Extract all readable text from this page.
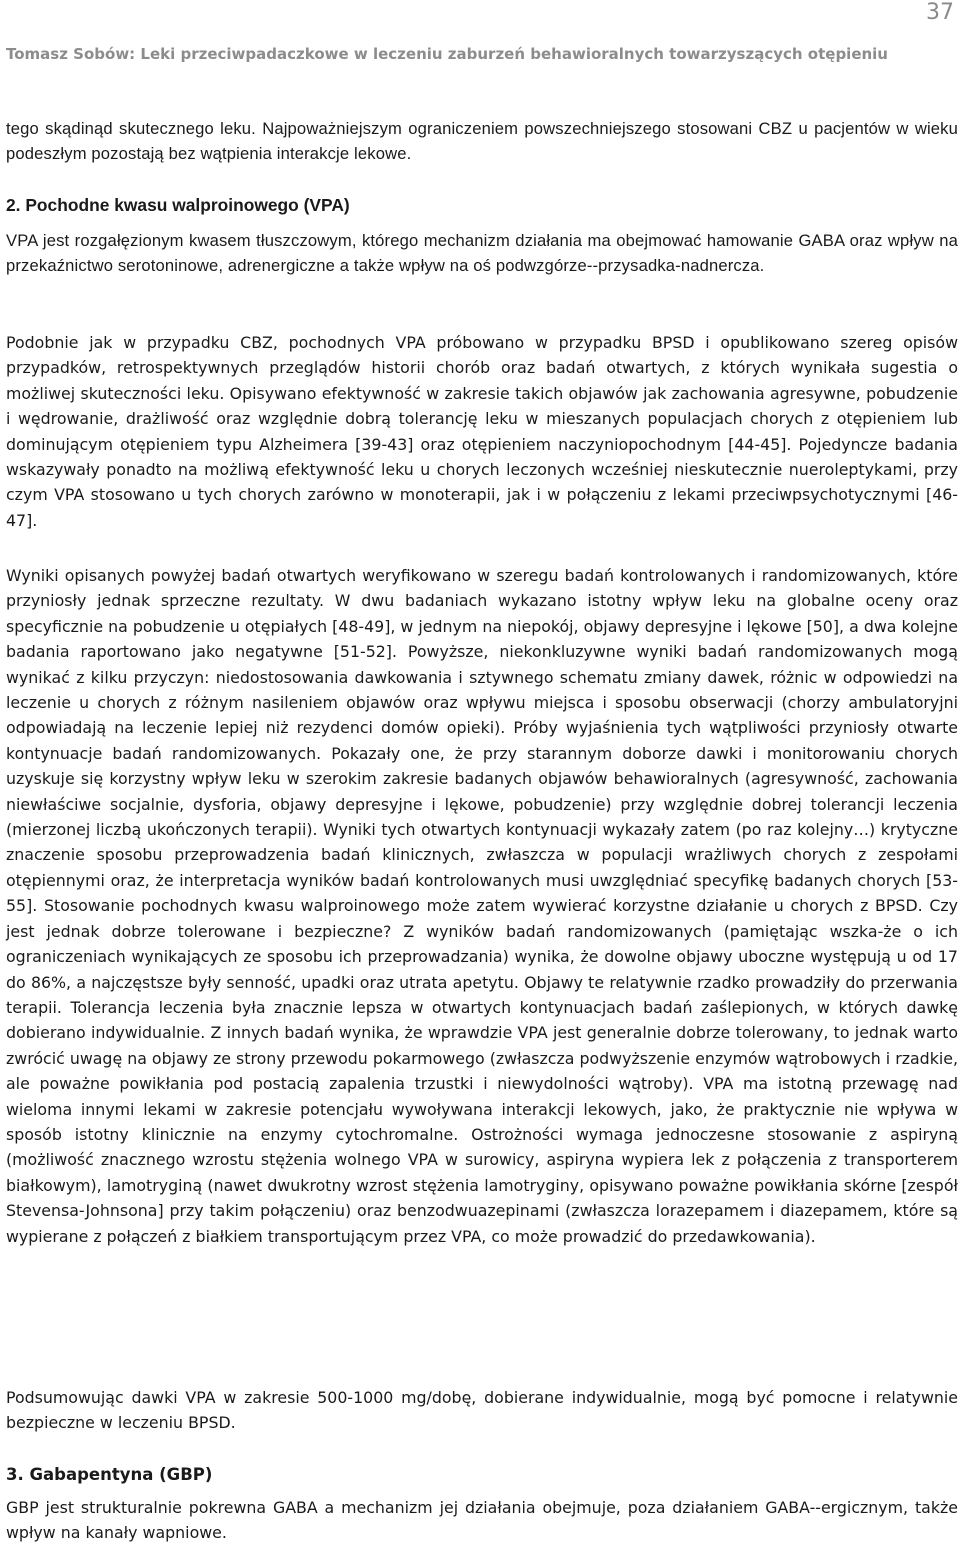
37
Tomasz Sobów: Leki przeciwpadaczkowe w leczeniu zaburzeń behawioralnych towarzyszących otępieniu

tego skądinąd skutecznego leku. Najpoważniejszym ograniczeniem powszechniejszego stosowani CBZ u pacjentów w wieku podeszłym pozostają bez wątpienia interakcje lekowe.

2. Pochodne kwasu walproinowego (VPA)

VPA jest rozgałęzionym kwasem tłuszczowym, którego mechanizm działania ma obejmować hamowanie GABA oraz wpływ na przekaźnictwo serotoninowe, adrenergiczne a także wpływ na oś podwzgórze--przysadka-nadnercza.

Podobnie jak w przypadku CBZ, pochodnych VPA próbowano w przypadku BPSD i opublikowano szereg opisów przypadków, retrospektywnych przeglądów historii chorób oraz badań otwartych, z których wynikała sugestia o możliwej skuteczności leku. Opisywano efektywność w zakresie takich objawów jak zachowania agresywne, pobudzenie i wędrowanie, drażliwość oraz względnie dobrą tolerancję leku w mieszanych populacjach chorych z otępieniem lub dominującym otępieniem typu Alzheimera [39-43] oraz otępieniem naczyniopochodnym [44-45]. Pojedyncze badania wskazywały ponadto na możliwą efektywność leku u chorych leczonych wcześniej nieskutecznie nueroleptykami, przy czym VPA stosowano u tych chorych zarówno w monoterapii, jak i w połączeniu z lekami przeciwpsychotycznymi [46-47].

Wyniki opisanych powyżej badań otwartych weryfikowano w szeregu badań kontrolowanych i randomizowanych, które przyniosły jednak sprzeczne rezultaty. W dwu badaniach wykazano istotny wpływ leku na globalne oceny oraz specyficznie na pobudzenie u otępiałych [48-49], w jednym na niepokój, objawy depresyjne i lękowe [50], a dwa kolejne badania raportowano jako negatywne [51-52]. Powyższe, niekonkluzywne wyniki badań randomizowanych mogą wynikać z kilku przyczyn: niedostosowania dawkowania i sztywnego schematu zmiany dawek, różnic w odpowiedzi na leczenie u chorych z różnym nasileniem objawów oraz wpływu miejsca i sposobu obserwacji (chorzy ambulatoryjni odpowiadają na leczenie lepiej niż rezydenci domów opieki). Próby wyjaśnienia tych wątpliwości przyniosły otwarte kontynuacje badań randomizowanych. Pokazały one, że przy starannym doborze dawki i monitorowaniu chorych uzyskuje się korzystny wpływ leku w szerokim zakresie badanych objawów behawioralnych (agresywność, zachowania niewłaściwe socjalnie, dysforia, objawy depresyjne i lękowe, pobudzenie) przy względnie dobrej tolerancji leczenia (mierzonej liczbą ukończonych terapii). Wyniki tych otwartych kontynuacji wykazały zatem (po raz kolejny…) krytyczne znaczenie sposobu przeprowadzenia badań klinicznych, zwłaszcza w populacji wrażliwych chorych z zespołami otępiennymi oraz, że interpretacja wyników badań kontrolowanych musi uwzględniać specyfikę badanych chorych [53-55]. Stosowanie pochodnych kwasu walproinowego może zatem wywierać korzystne działanie u chorych z BPSD. Czy jest jednak dobrze tolerowane i bezpieczne? Z wyników badań randomizowanych (pamiętając wszka-że o ich ograniczeniach wynikających ze sposobu ich przeprowadzania) wynika, że dowolne objawy uboczne występują u od 17 do 86%, a najczęstsze były senność, upadki oraz utrata apetytu. Objawy te relatywnie rzadko prowadziły do przerwania terapii. Tolerancja leczenia była znacznie lepsza w otwartych kontynuacjach badań zaślepionych, w których dawkę dobierano indywidualnie. Z innych badań wynika, że wprawdzie VPA jest generalnie dobrze tolerowany, to jednak warto zwrócić uwagę na objawy ze strony przewodu pokarmowego (zwłaszcza podwyższenie enzymów wątrobowych i rzadkie, ale poważne powikłania pod postacią zapalenia trzustki i niewydolności wątroby). VPA ma istotną przewagę nad wieloma innymi lekami w zakresie potencjału wywoływana interakcji lekowych, jako, że praktycznie nie wpływa w sposób istotny klinicznie na enzymy cytochromalne. Ostrożności wymaga jednoczesne stosowanie z aspiryną (możliwość znacznego wzrostu stężenia wolnego VPA w surowicy, aspiryna wypiera lek z połączenia z transporterem białkowym), lamotryginą (nawet dwukrotny wzrost stężenia lamotryginy, opisywano poważne powikłania skórne [zespół Stevensa-Johnsona] przy takim połączeniu) oraz benzodwuazepinami (zwłaszcza lorazepamem i diazepamem, które są wypierane z połączeń z białkiem transportującym przez VPA, co może prowadzić do przedawkowania).

Podsumowując dawki VPA w zakresie 500-1000 mg/dobę, dobierane indywidualnie, mogą być pomocne i relatywnie bezpieczne w leczeniu BPSD.

3. Gabapentyna (GBP)

GBP jest strukturalnie pokrewna GABA a mechanizm jej działania obejmuje, poza działaniem GABA--ergicznym, także wpływ na kanały wapniowe.
